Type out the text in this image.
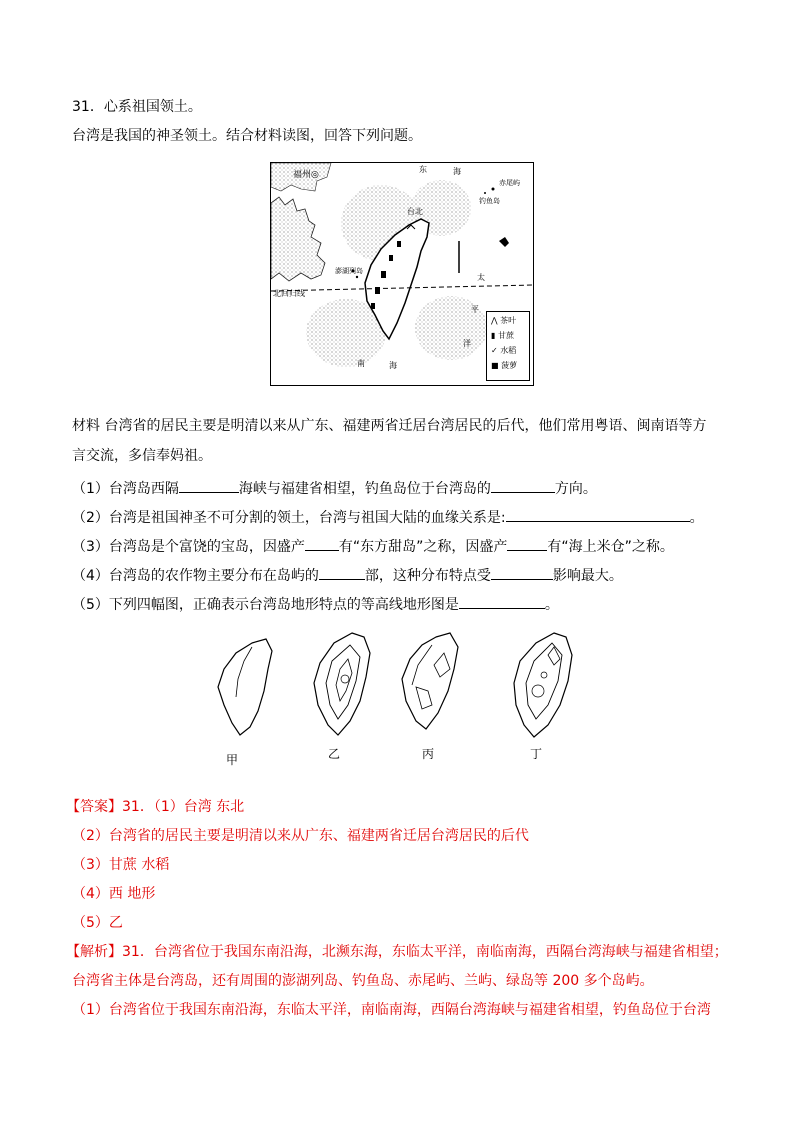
31．心系祖国领土。
台湾是我国的神圣领土。结合材料读图，回答下列问题。
福州◎
东	海
赤尾屿
钓鱼岛
台北
澎湖列岛
北回归线
太
平
洋
南	海
⋀ 茶叶
▮ 甘蔗
✓ 水稻
■ 菠萝
材料 台湾省的居民主要是明清以来从广东、福建两省迁居台湾居民的后代，他们常用粤语、闽南语等方
言交流，多信奉妈祖。
（1）台湾岛西隔	海峡与福建省相望，钓鱼岛位于台湾岛的	方向。
（2）台湾是祖国神圣不可分割的领土，台湾与祖国大陆的血缘关系是:	。
（3）台湾岛是个富饶的宝岛，因盛产 有“东方甜岛”之称，因盛产	有“海上米仓”之称。
（4）台湾岛的农作物主要分布在岛屿的	部，这种分布特点受	影响最大。
（5）下列四幅图，正确表示台湾岛地形特点的等高线地形图是	。
甲	乙	丙	丁
【答案】31．（1）台湾 东北
（2）台湾省的居民主要是明清以来从广东、福建两省迁居台湾居民的后代
（3）甘蔗 水稻
（4）西 地形
（5）乙
【解析】31．台湾省位于我国东南沿海，北濒东海，东临太平洋，南临南海，西隔台湾海峡与福建省相望；
台湾省主体是台湾岛，还有周围的澎湖列岛、钓鱼岛、赤尾屿、兰屿、绿岛等 200 多个岛屿。
（1）台湾省位于我国东南沿海，东临太平洋，南临南海，西隔台湾海峡与福建省相望，钓鱼岛位于台湾
